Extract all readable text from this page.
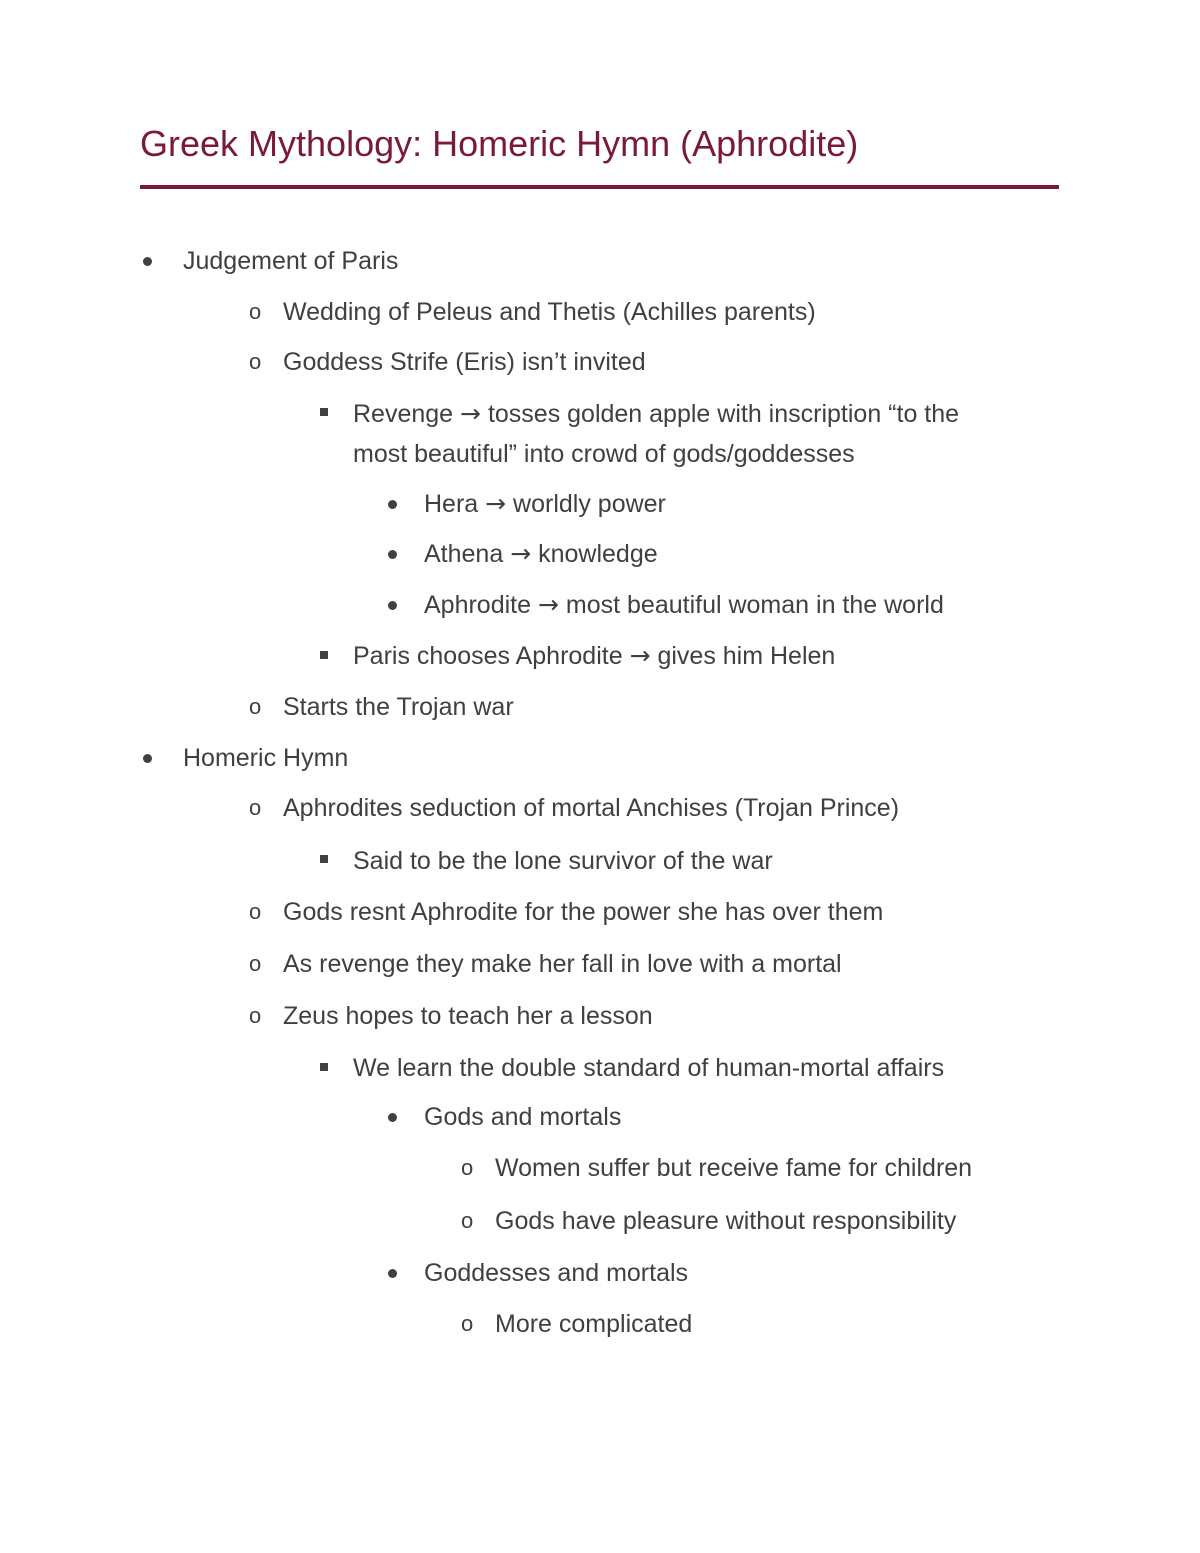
Greek Mythology: Homeric Hymn (Aphrodite)
Judgement of Paris
o Wedding of Peleus and Thetis (Achilles parents)
o Goddess Strife (Eris) isn’t invited
Revenge → tosses golden apple with inscription “to the
most beautiful” into crowd of gods/goddesses
Hera → worldly power
Athena → knowledge
Aphrodite → most beautiful woman in the world
Paris chooses Aphrodite → gives him Helen
o Starts the Trojan war
Homeric Hymn
o Aphrodites seduction of mortal Anchises (Trojan Prince)
Said to be the lone survivor of the war
o Gods resnt Aphrodite for the power she has over them
o As revenge they make her fall in love with a mortal
o Zeus hopes to teach her a lesson
We learn the double standard of human-mortal affairs
Gods and mortals
o Women suffer but receive fame for children
o Gods have pleasure without responsibility
Goddesses and mortals
o More complicated
